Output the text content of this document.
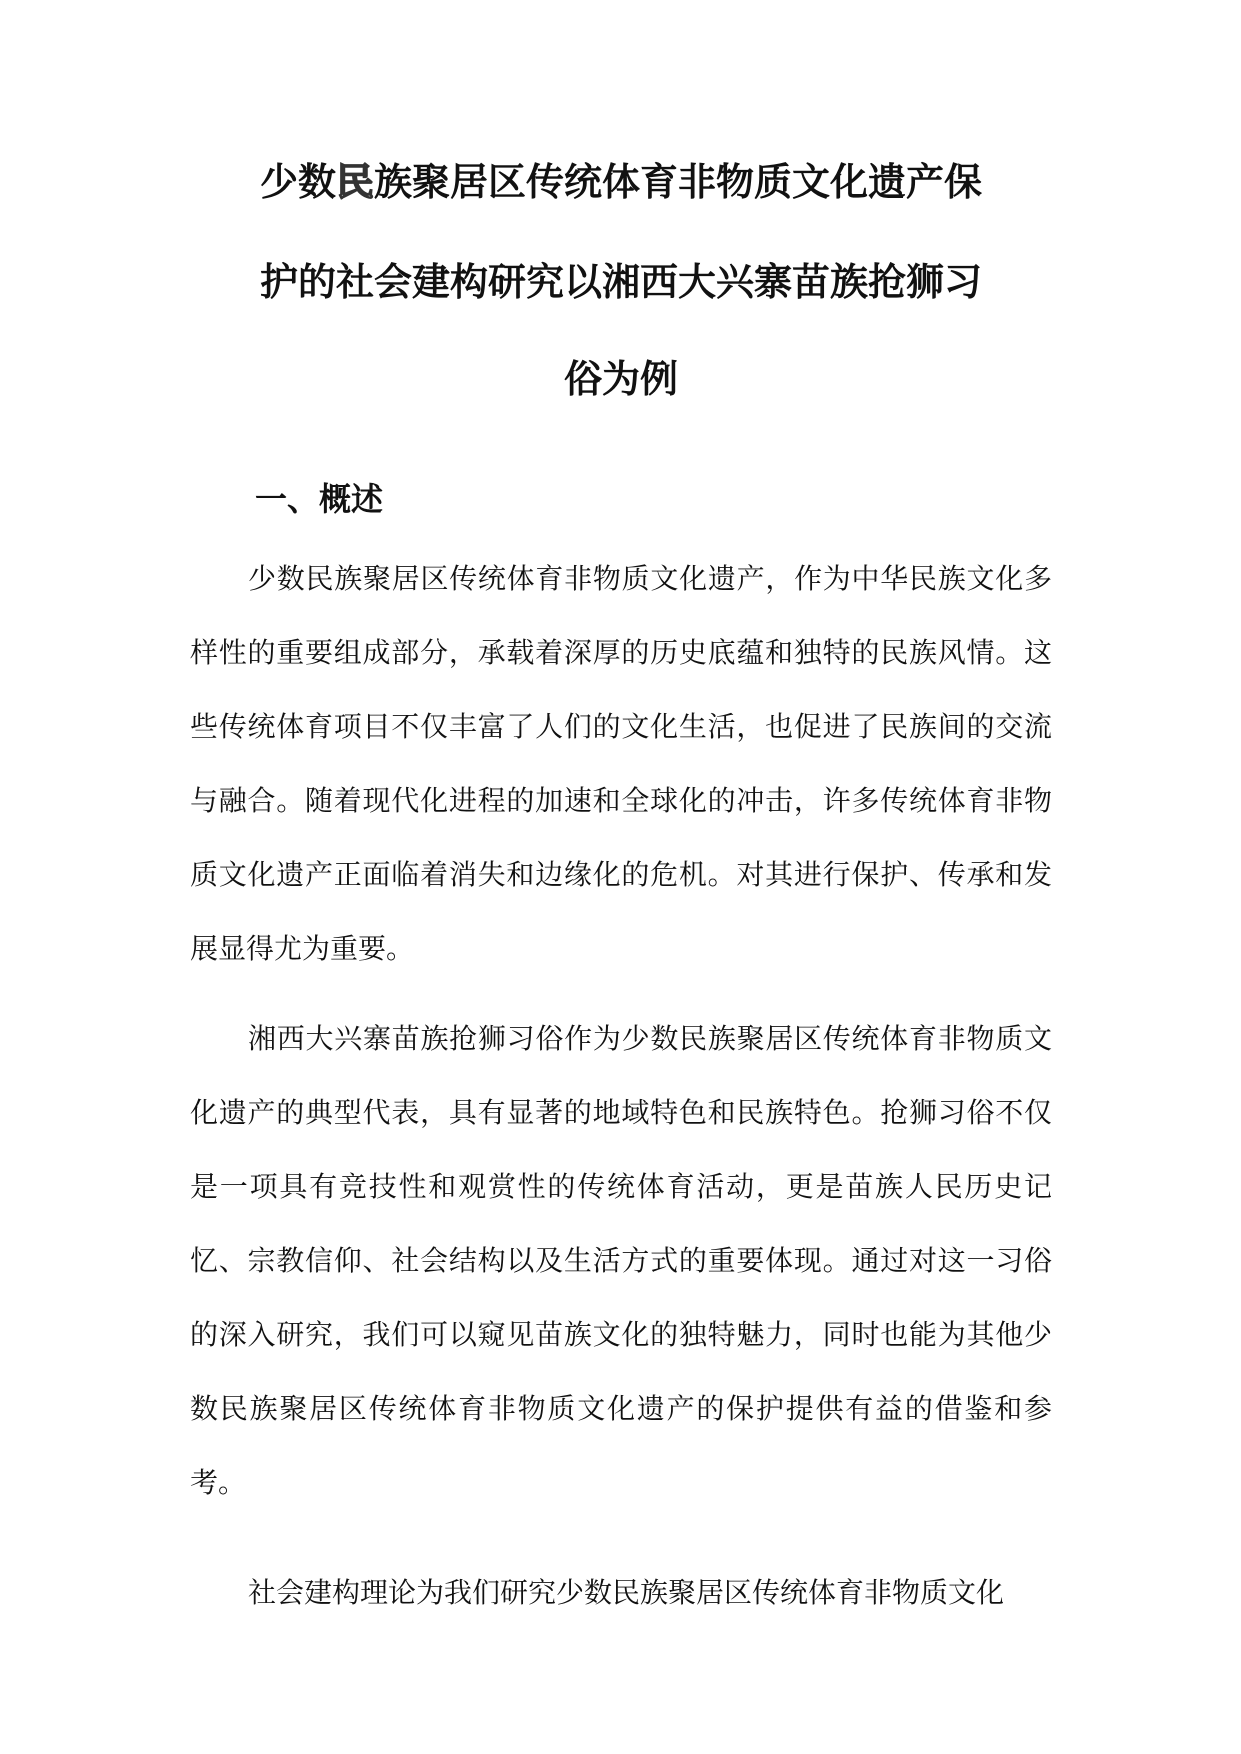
少数民族聚居区传统体育非物质文化遗产保
护的社会建构研究以湘西大兴寨苗族抢狮习
俗为例
一、概述

少数民族聚居区传统体育非物质文化遗产，作为中华民族文化多样性的重要组成部分，承载着深厚的历史底蕴和独特的民族风情。这些传统体育项目不仅丰富了人们的文化生活，也促进了民族间的交流与融合。随着现代化进程的加速和全球化的冲击，许多传统体育非物质文化遗产正面临着消失和边缘化的危机。对其进行保护、传承和发展显得尤为重要。

湘西大兴寨苗族抢狮习俗作为少数民族聚居区传统体育非物质文化遗产的典型代表，具有显著的地域特色和民族特色。抢狮习俗不仅是一项具有竞技性和观赏性的传统体育活动，更是苗族人民历史记忆、宗教信仰、社会结构以及生活方式的重要体现。通过对这一习俗的深入研究，我们可以窥见苗族文化的独特魅力，同时也能为其他少数民族聚居区传统体育非物质文化遗产的保护提供有益的借鉴和参考。

社会建构理论为我们研究少数民族聚居区传统体育非物质文化
